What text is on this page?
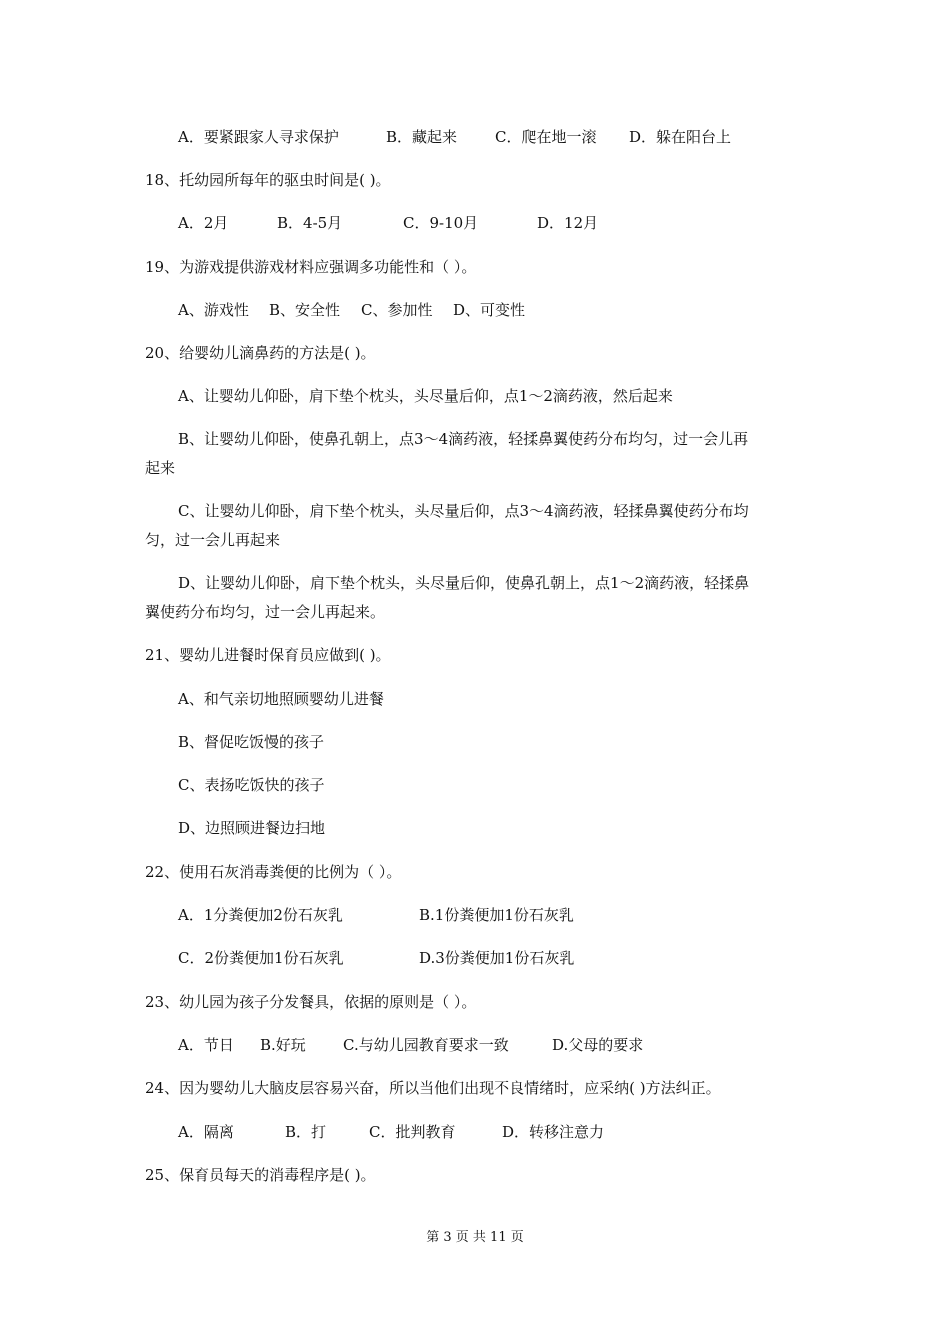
A．要紧跟家人寻求保护	B．藏起来	C．爬在地一滚 D．躲在阳台上
18、托幼园所每年的驱虫时间是( )。
A．2月	B．4-5月	C．9-10月	D．12月
19、为游戏提供游戏材料应强调多功能性和（ ）。
A、游戏性 B、安全性 C、参加性 D、可变性
20、给婴幼儿滴鼻药的方法是( )。
A、让婴幼儿仰卧，肩下垫个枕头，头尽量后仰，点1～2滴药液，然后起来
B、让婴幼儿仰卧，使鼻孔朝上，点3～4滴药液，轻揉鼻翼使药分布均匀，过一会儿再
起来
C、让婴幼儿仰卧，肩下垫个枕头，头尽量后仰，点3～4滴药液，轻揉鼻翼使药分布均
匀，过一会儿再起来
D、让婴幼儿仰卧，肩下垫个枕头，头尽量后仰，使鼻孔朝上，点1～2滴药液，轻揉鼻
翼使药分布均匀，过一会儿再起来。
21、婴幼儿进餐时保育员应做到( )。
A、和气亲切地照顾婴幼儿进餐
B、督促吃饭慢的孩子
C、表扬吃饭快的孩子
D、边照顾进餐边扫地
22、使用石灰消毒粪便的比例为（ ）。
A．1分粪便加2份石灰乳	B.1份粪便加1份石灰乳
C．2份粪便加1份石灰乳	D.3份粪便加1份石灰乳
23、幼儿园为孩子分发餐具，依据的原则是（ ）。
A．节日 B.好玩 C.与幼儿园教育要求一致	D.父母的要求
24、因为婴幼儿大脑皮层容易兴奋，所以当他们出现不良情绪时，应采纳( )方法纠正。
A．隔离	B．打	C．批判教育	D．转移注意力
25、保育员每天的消毒程序是( )。
第 3 页 共 11 页
